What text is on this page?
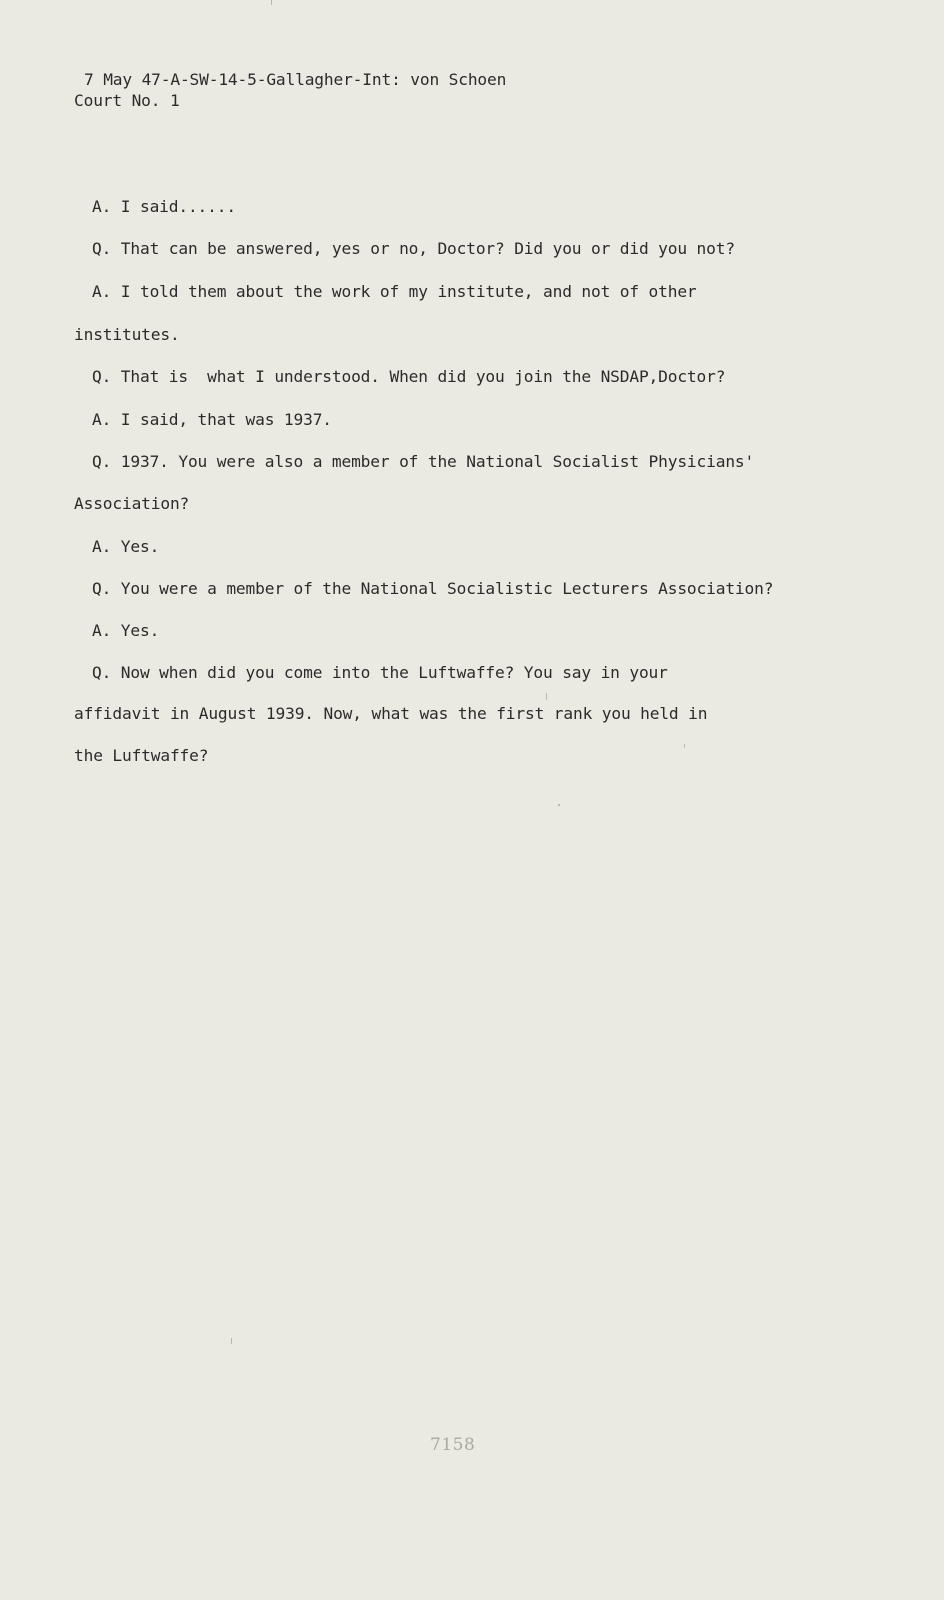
7 May 47-A-SW-14-5-Gallagher-Int: von Schoen
Court No. 1
A. I said......
Q. That can be answered, yes or no, Doctor? Did you or did you not?
A. I told them about the work of my institute, and not of other
institutes.
Q. That is  what I understood. When did you join the NSDAP,Doctor?
A. I said, that was 1937.
Q. 1937. You were also a member of the National Socialist Physicians'
Association?
A. Yes.
Q. You were a member of the National Socialistic Lecturers Association?
A. Yes.
Q. Now when did you come into the Luftwaffe? You say in your
affidavit in August 1939. Now, what was the first rank you held in
the Luftwaffe?
7158
